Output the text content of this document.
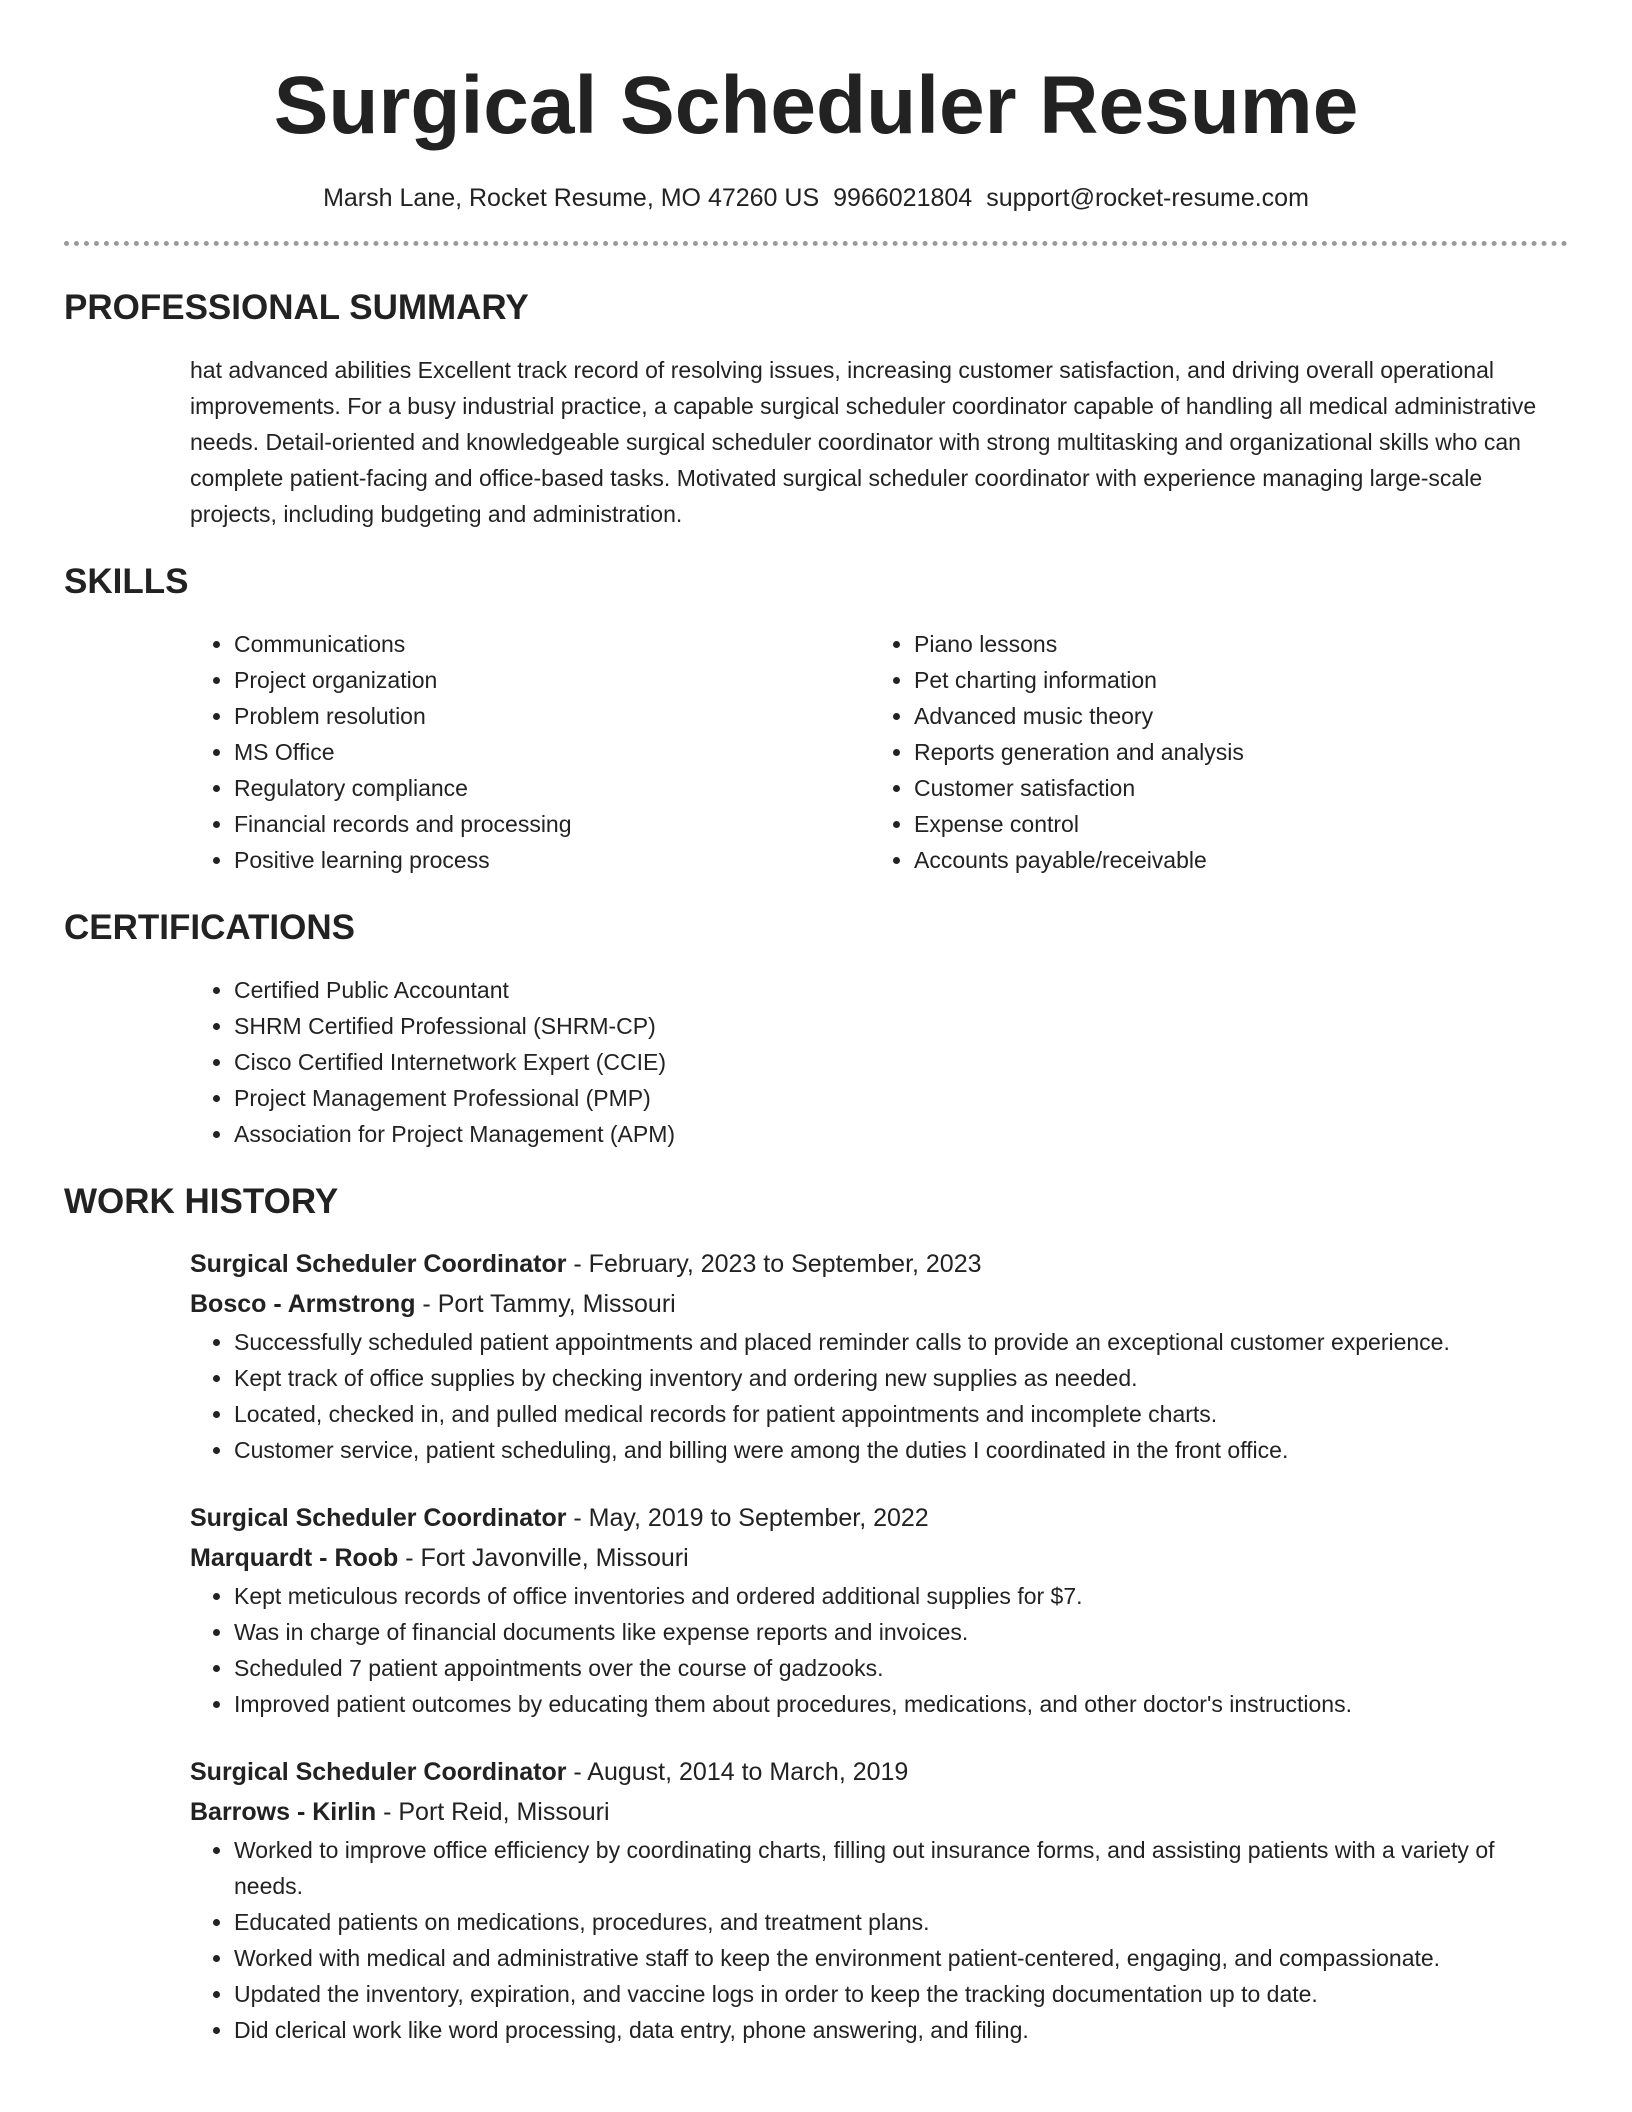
Surgical Scheduler Resume
Marsh Lane, Rocket Resume, MO 47260 US 9966021804 support@rocket-resume.com
PROFESSIONAL SUMMARY

hat advanced abilities Excellent track record of resolving issues, increasing customer satisfaction, and driving overall operational improvements. For a busy industrial practice, a capable surgical scheduler coordinator capable of handling all medical administrative needs. Detail-oriented and knowledgeable surgical scheduler coordinator with strong multitasking and organizational skills who can complete patient-facing and office-based tasks. Motivated surgical scheduler coordinator with experience managing large-scale projects, including budgeting and administration.

SKILLS
• Communications
• Project organization
• Problem resolution
• MS Office
• Regulatory compliance
• Financial records and processing
• Positive learning process
• Piano lessons
• Pet charting information
• Advanced music theory
• Reports generation and analysis
• Customer satisfaction
• Expense control
• Accounts payable/receivable
CERTIFICATIONS
• Certified Public Accountant
• SHRM Certified Professional (SHRM-CP)
• Cisco Certified Internetwork Expert (CCIE)
• Project Management Professional (PMP)
• Association for Project Management (APM)
WORK HISTORY
Surgical Scheduler Coordinator - February, 2023 to September, 2023
Bosco - Armstrong - Port Tammy, Missouri
• Successfully scheduled patient appointments and placed reminder calls to provide an exceptional customer experience.
• Kept track of office supplies by checking inventory and ordering new supplies as needed.
• Located, checked in, and pulled medical records for patient appointments and incomplete charts.
• Customer service, patient scheduling, and billing were among the duties I coordinated in the front office.
Surgical Scheduler Coordinator - May, 2019 to September, 2022
Marquardt - Roob - Fort Javonville, Missouri
• Kept meticulous records of office inventories and ordered additional supplies for $7.
• Was in charge of financial documents like expense reports and invoices.
• Scheduled 7 patient appointments over the course of gadzooks.
• Improved patient outcomes by educating them about procedures, medications, and other doctor's instructions.
Surgical Scheduler Coordinator - August, 2014 to March, 2019
Barrows - Kirlin - Port Reid, Missouri
• Worked to improve office efficiency by coordinating charts, filling out insurance forms, and assisting patients with a variety of needs.
• Educated patients on medications, procedures, and treatment plans.
• Worked with medical and administrative staff to keep the environment patient-centered, engaging, and compassionate.
• Updated the inventory, expiration, and vaccine logs in order to keep the tracking documentation up to date.
• Did clerical work like word processing, data entry, phone answering, and filing.
